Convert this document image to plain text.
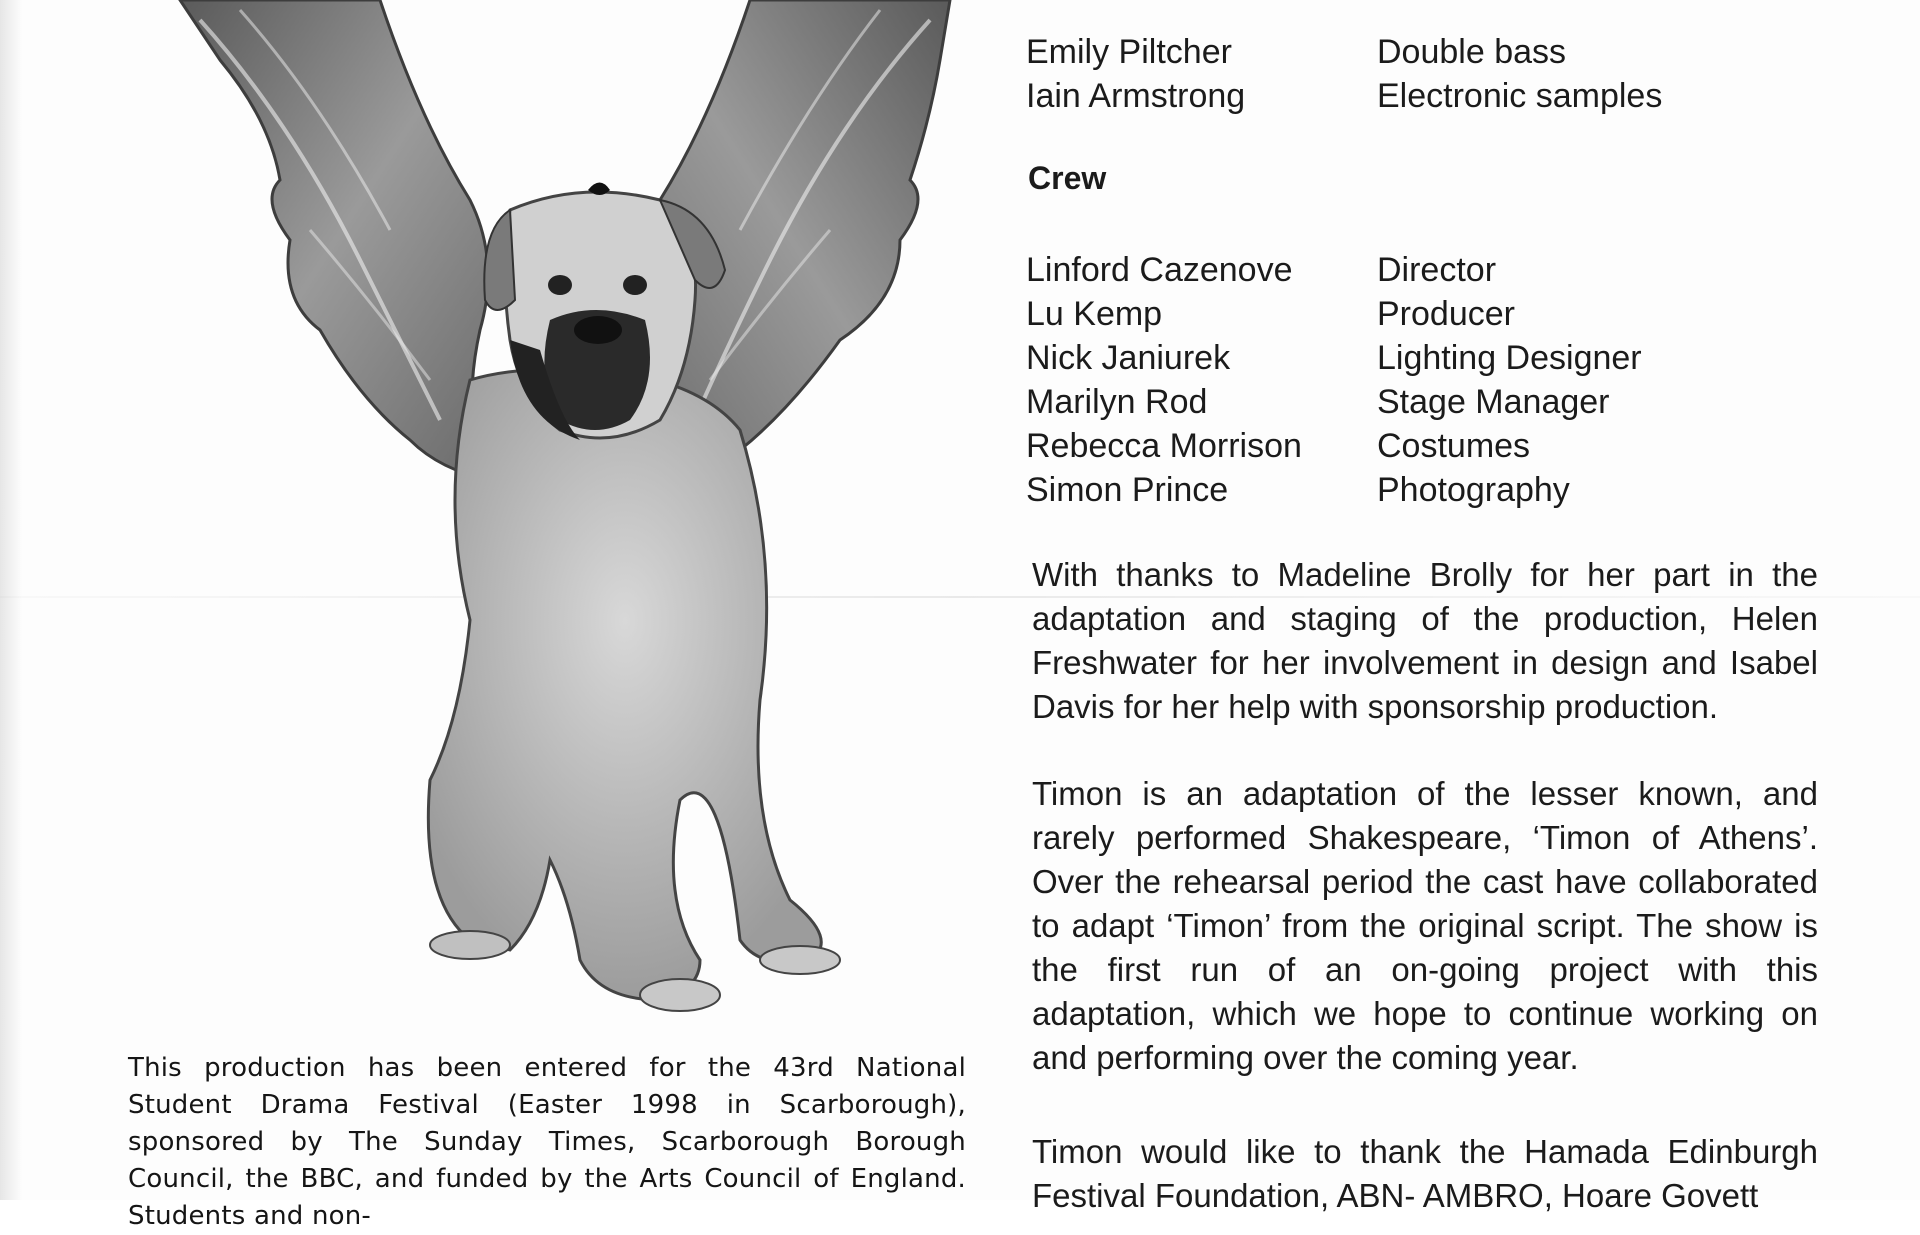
This production has been entered for the 43rd National Student Drama Festival (Easter 1998 in Scarborough), sponsored by The Sunday Times, Scarborough Borough Council, the BBC, and funded by the Arts Council of England. Students and non-
Emily Piltcher	Double bass
Iain Armstrong	Electronic samples
Linford Cazenove Director
Lu Kemp	Producer
Nick Janiurek	Lighting Designer
Marilyn Rod	Stage Manager
Rebecca Morrison Costumes
Simon Prince	Photography
Crew
With thanks to Madeline Brolly for her part in the adaptation and staging of the production, Helen Freshwater for her involvement in design and Isabel Davis for her help with sponsorship production.
Timon is an adaptation of the lesser known, and rarely performed Shakespeare, ‘Timon of Athens’. Over the rehearsal period the cast have collaborated to adapt ‘Timon’ from the original script. The show is the first run of an on-going project with this adaptation, which we hope to continue working on and performing over the coming year.
Timon would like to thank the Hamada Edinburgh Festival Foundation, ABN- AMBRO, Hoare Govett
